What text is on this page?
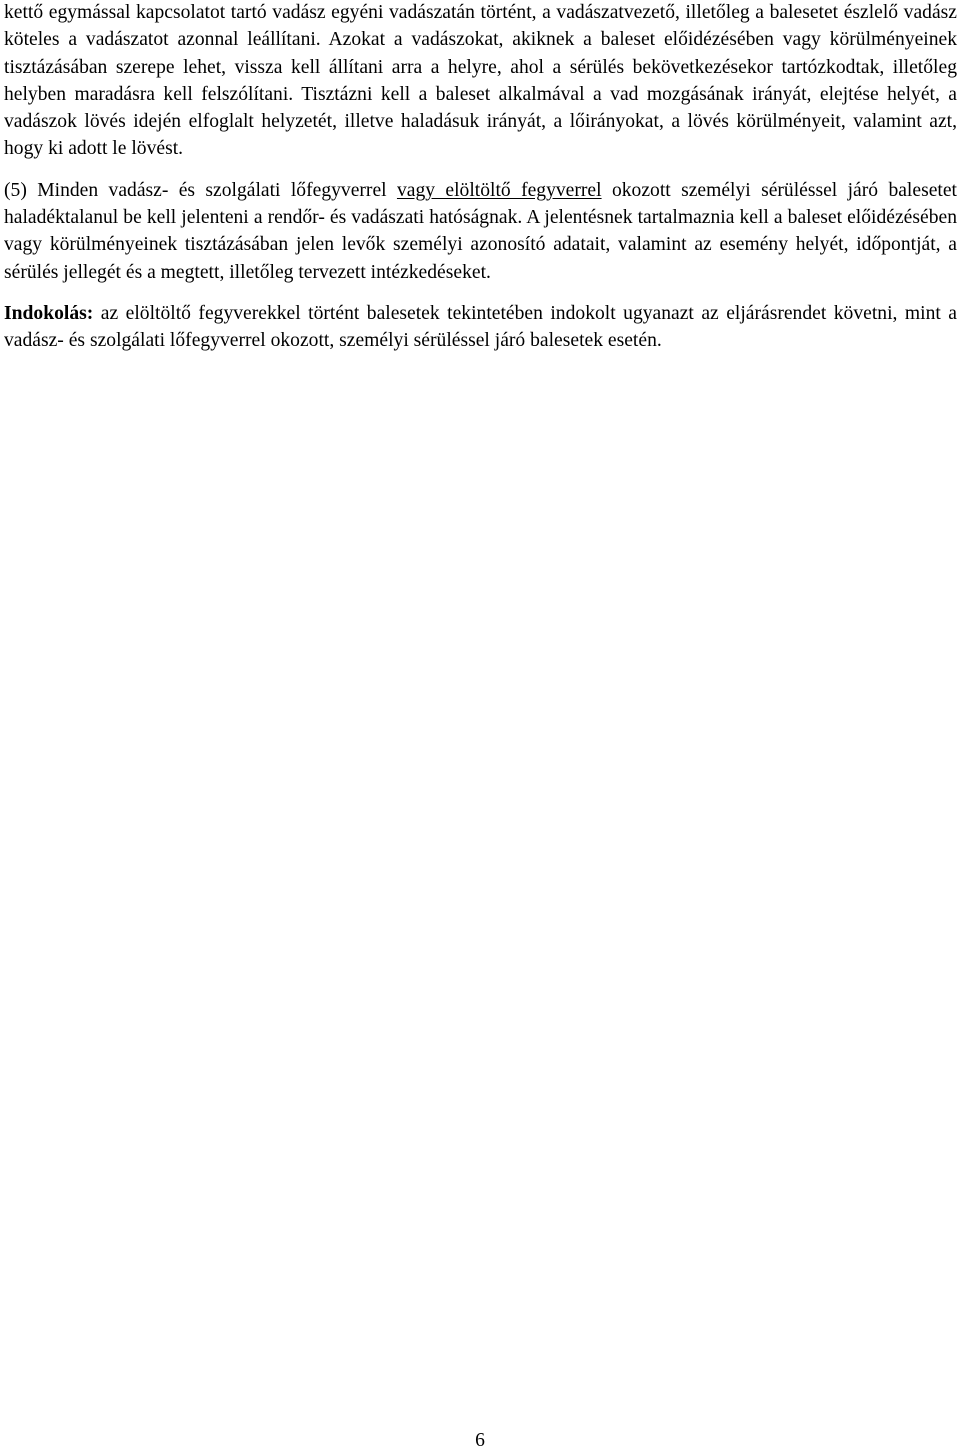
kettő egymással kapcsolatot tartó vadász egyéni vadászatán történt, a vadászatvezető, illetőleg a balesetet észlelő vadász köteles a vadászatot azonnal leállítani. Azokat a vadászokat, akiknek a baleset előidézésében vagy körülményeinek tisztázásában szerepe lehet, vissza kell állítani arra a helyre, ahol a sérülés bekövetkezésekor tartózkodtak, illetőleg helyben maradásra kell felszólítani. Tisztázni kell a baleset alkalmával a vad mozgásának irányát, elejtése helyét, a vadászok lövés idején elfoglalt helyzetét, illetve haladásuk irányát, a lőirányokat, a lövés körülményeit, valamint azt, hogy ki adott le lövést.

(5) Minden vadász- és szolgálati lőfegyverrel vagy elöltöltő fegyverrel okozott személyi sérüléssel járó balesetet haladéktalanul be kell jelenteni a rendőr- és vadászati hatóságnak. A jelentésnek tartalmaznia kell a baleset előidézésében vagy körülményeinek tisztázásában jelen levők személyi azonosító adatait, valamint az esemény helyét, időpontját, a sérülés jellegét és a megtett, illetőleg tervezett intézkedéseket.

Indokolás: az elöltöltő fegyverekkel történt balesetek tekintetében indokolt ugyanazt az eljárásrendet követni, mint a vadász- és szolgálati lőfegyverrel okozott, személyi sérüléssel járó balesetek esetén.

6
